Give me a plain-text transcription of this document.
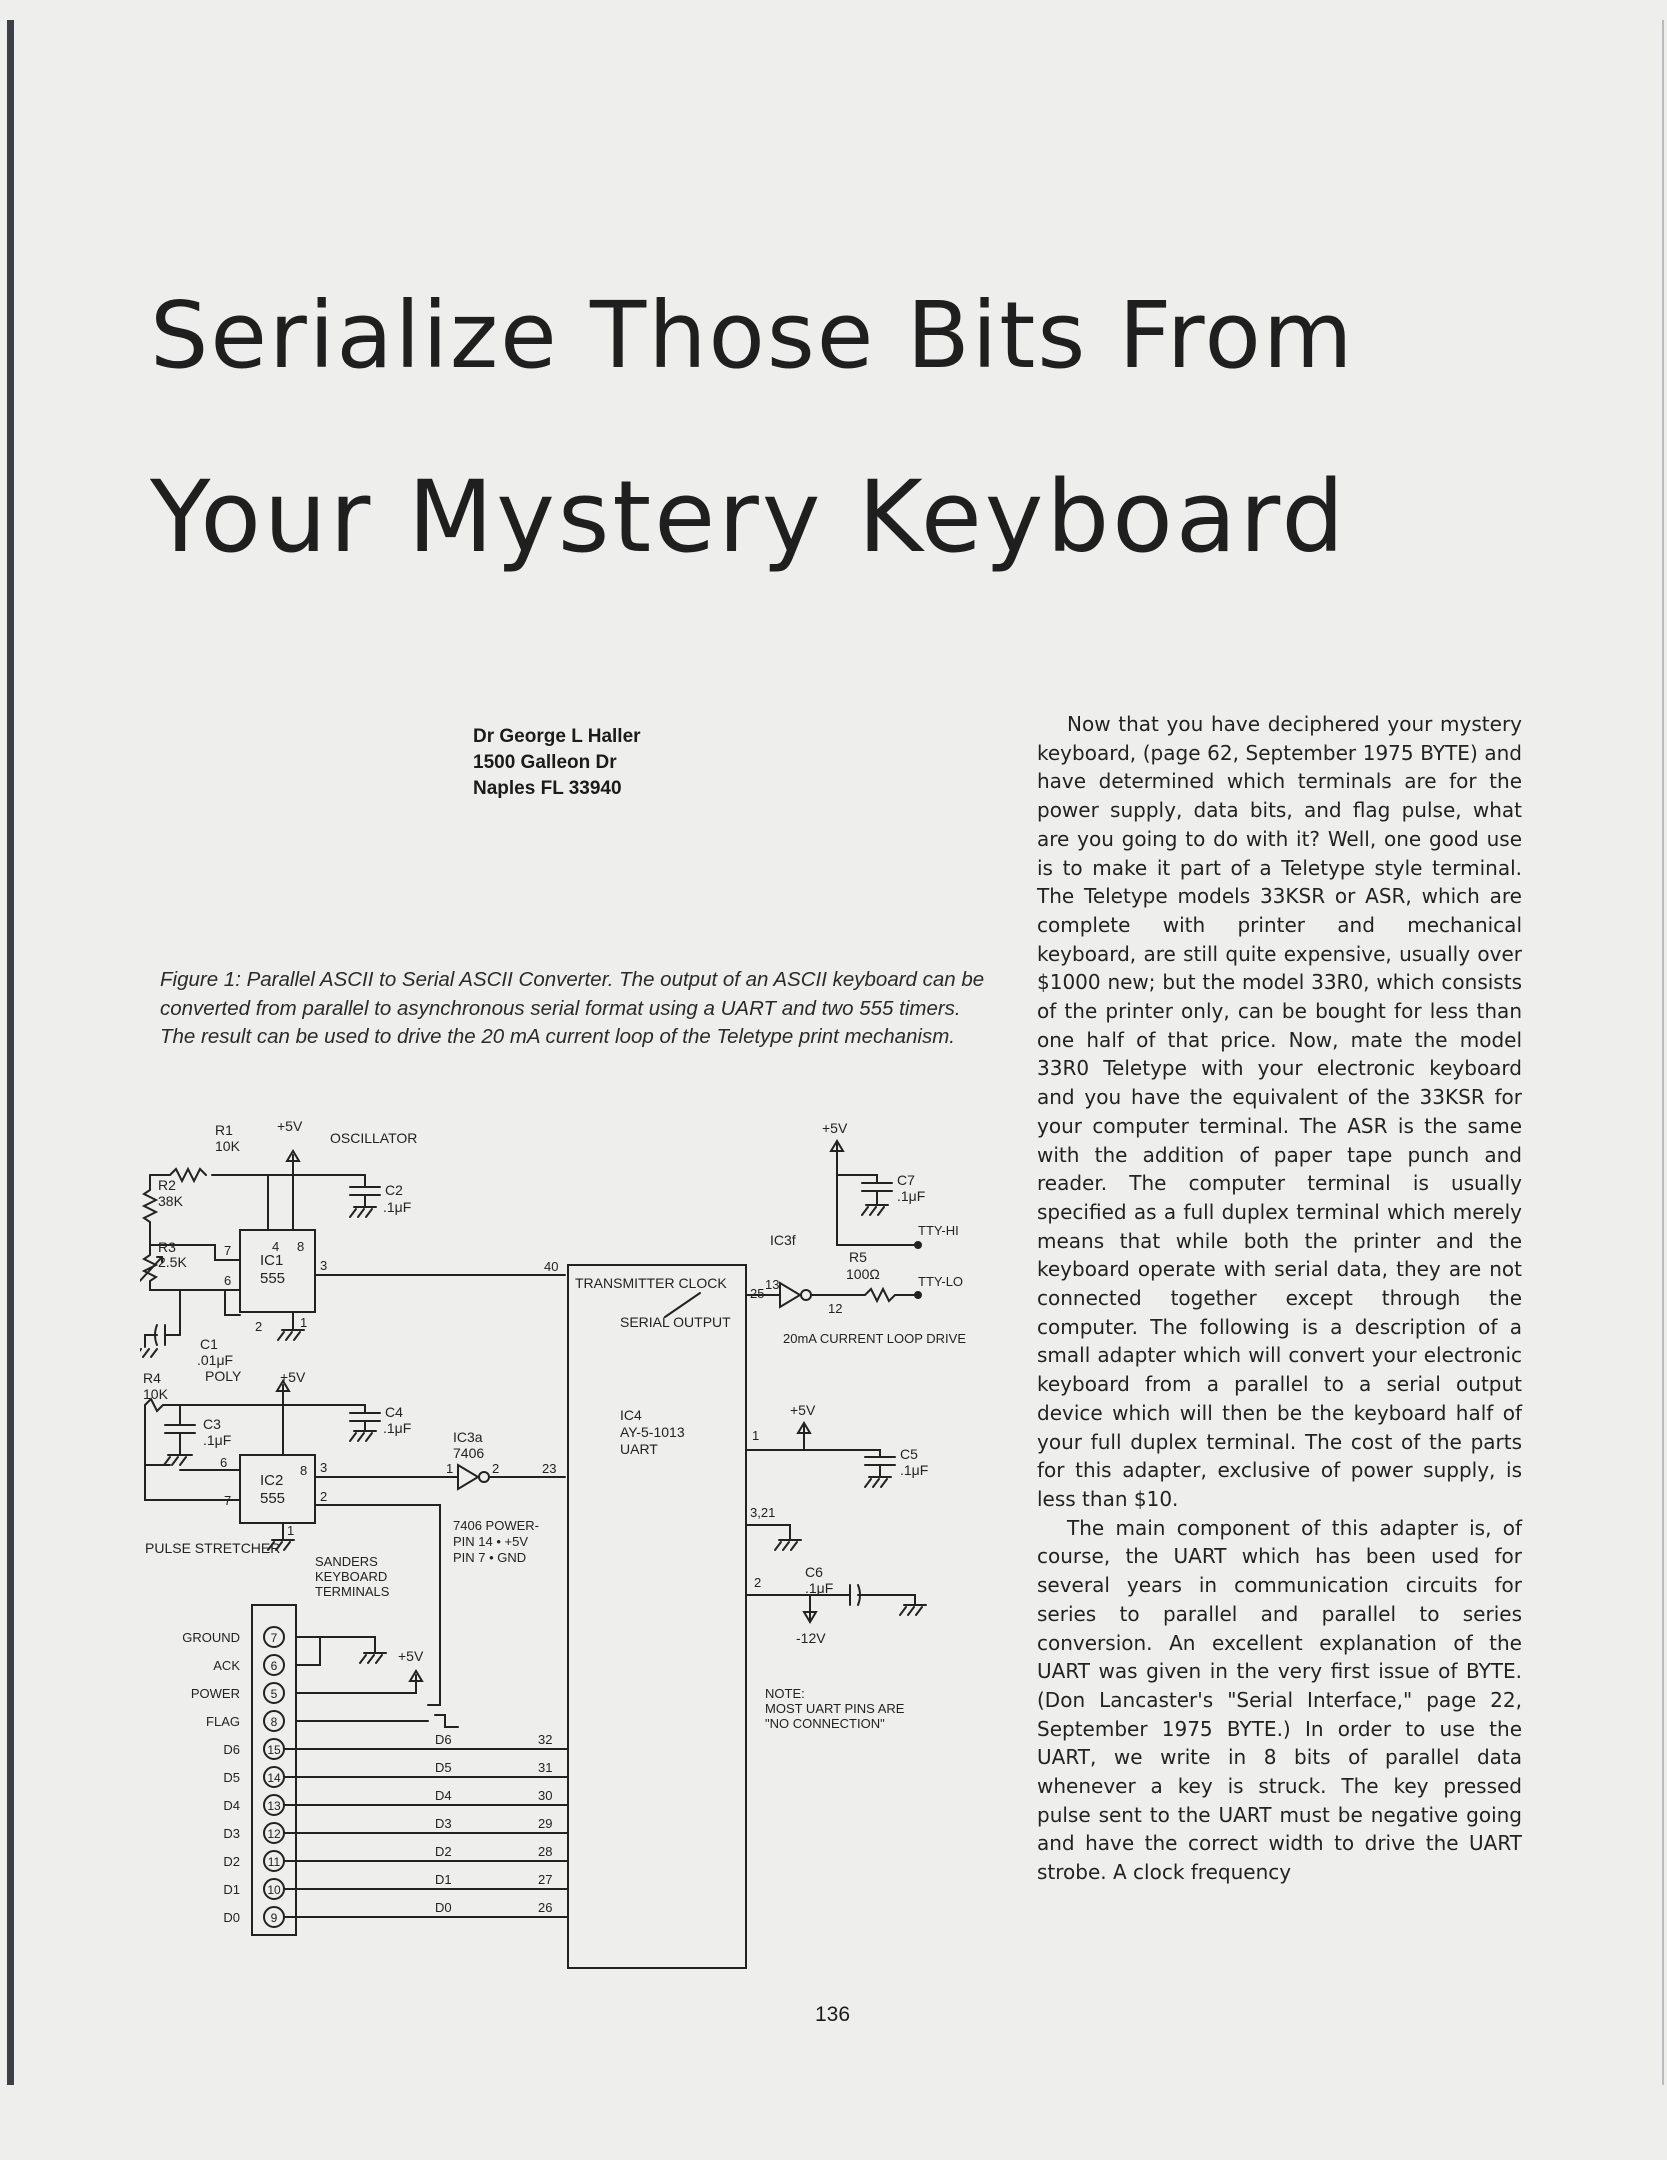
Serialize Those Bits From
Your Mystery Keyboard
Dr George L Haller
1500 Galleon Dr
Naples FL 33940
Figure 1: Parallel ASCII to Serial ASCII Converter. The output of an ASCII keyboard can be converted from parallel to asynchronous serial format using a UART and two 555 timers. The result can be used to drive the 20 mA current loop of the Teletype print mechanism.
IC1
555
+5V
R1
10K	OSCILLATOR
C2
.1μF
R2
38K
R3
2.5K
C1
.01μF
POLY
4 8
7
6
3
2	1
R4
10K
+5V
IC2
555
C3
.1μF
C4
.1μF
IC3a
7406
1	2	23
8
6
7
3
2
1
PULSE STRETCHER
TRANSMITTER CLOCK
SERIAL OUTPUT
IC4
AY-5-1013
UART
40
25
1
3,21
2
7406 POWER-
PIN 14 • +5V
PIN 7 • GND
+5V
C7
.1μF
TTY-HI
IC3f
R5
100Ω
13
12
TTY-LO
20mA CURRENT LOOP DRIVE
+5V
C5
.1μF
C6
.1μF
-12V
NOTE:
MOST UART PINS ARE
"NO CONNECTION"
SANDERS
KEYBOARD
TERMINALS
+5V
GROUND	7
ACK	6
POWER	5
FLAG	8
D6 15
D6	32
D5 14
D5	31
D4 13
D4	30
D3 12
D3	29
D2 11
D2	28
D1 10
D1	27
D0	9
D0	26

Now that you have deciphered your mystery keyboard, (page 62, September 1975 BYTE) and have determined which terminals are for the power supply, data bits, and flag pulse, what are you going to do with it? Well, one good use is to make it part of a Teletype style terminal. The Teletype models 33KSR or ASR, which are complete with printer and mechanical keyboard, are still quite expensive, usually over $1000 new; but the model 33R0, which consists of the printer only, can be bought for less than one half of that price. Now, mate the model 33R0 Teletype with your electronic keyboard and you have the equivalent of the 33KSR for your computer terminal. The ASR is the same with the addition of paper tape punch and reader. The computer terminal is usually specified as a full duplex terminal which merely means that while both the printer and the keyboard operate with serial data, they are not connected together except through the computer. The following is a description of a small adapter which will convert your electronic keyboard from a parallel to a serial output device which will then be the keyboard half of your full duplex terminal. The cost of the parts for this adapter, exclusive of power supply, is less than $10.

The main component of this adapter is, of course, the UART which has been used for several years in communication circuits for series to parallel and parallel to series conversion. An excellent explanation of the UART was given in the very first issue of BYTE. (Don Lancaster's "Serial Interface," page 22, September 1975 BYTE.) In order to use the UART, we write in 8 bits of parallel data whenever a key is struck. The key pressed pulse sent to the UART must be negative going and have the correct width to drive the UART strobe. A clock frequency

136
